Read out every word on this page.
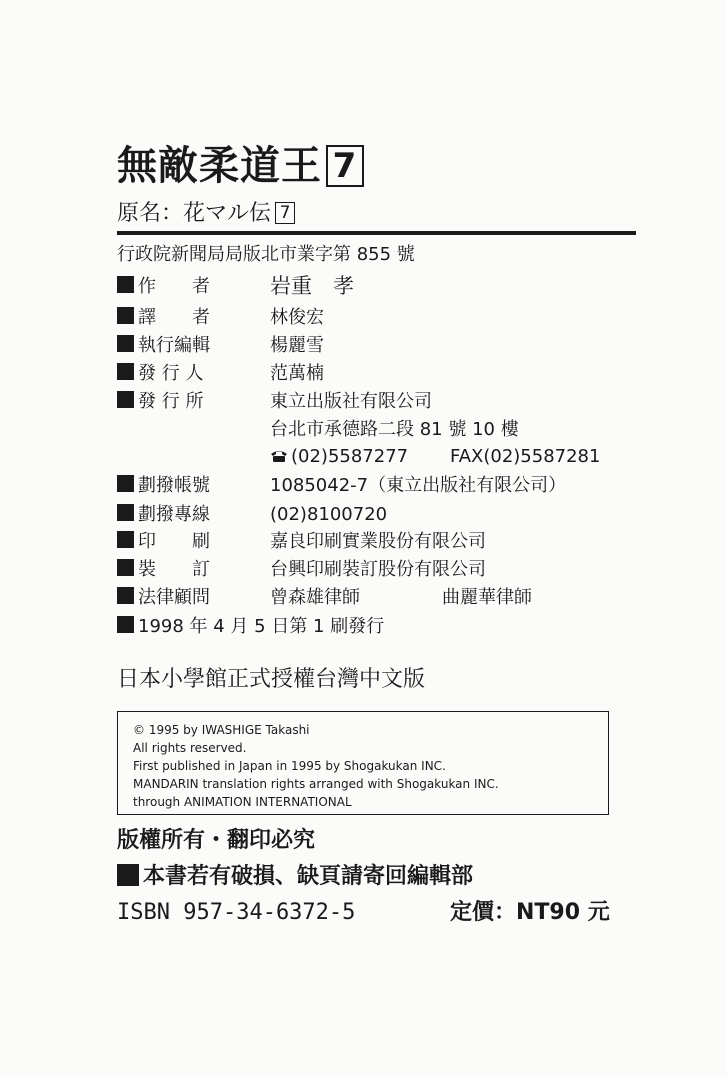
無敵柔道王 7
原名：花マル伝 7
行政院新聞局局版北市業字第 855 號
作　　者	岩重　孝
譯　　者	林俊宏
執行編輯	楊麗雪
發 行 人	范萬楠
發 行 所	東立出版社有限公司
台北市承德路二段 81 號 10 樓
(02)5587277 FAX(02)5587281
劃撥帳號	1085042-7（東立出版社有限公司）
劃撥專線	(02)8100720
印　　刷	嘉良印刷實業股份有限公司
裝　　訂	台興印刷裝訂股份有限公司
法律顧問	曾森雄律師	曲麗華律師
1998 年 4 月 5 日第 1 刷發行
日本小學館正式授權台灣中文版
© 1995 by IWASHIGE Takashi
All rights reserved.
First published in Japan in 1995 by Shogakukan INC.
MANDARIN translation rights arranged with Shogakukan INC.
through ANIMATION INTERNATIONAL
版權所有・翻印必究
本書若有破損、缺頁請寄回編輯部
ISBN 957-34-6372-5	定價：NT90 元
